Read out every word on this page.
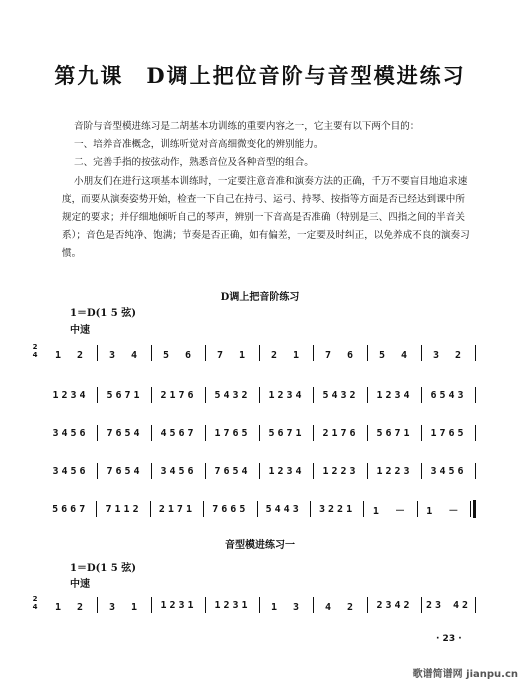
第九课　D调上把位音阶与音型模进练习
音阶与音型模进练习是二胡基本功训练的重要内容之一，它主要有以下两个目的：
一、培养音准概念，训练听觉对音高细微变化的辨别能力。
二、完善手指的按弦动作，熟悉音位及各种音型的组合。
小朋友们在进行这项基本训练时，一定要注意音准和演奏方法的正确，千万不要盲目地追求速度，而要从演奏姿势开始，检查一下自己在持弓、运弓、持琴、按指等方面是否已经达到课中所规定的要求；并仔细地倾听自己的琴声，辨别一下音高是否准确（特别是三、四指之间的半音关系）；音色是否纯净、饱满；节奏是否正确，如有偏差，一定要及时纠正，以免养成不良的演奏习惯。
D调上把音阶练习
1＝D(1 5 弦)
中速
2
4	1　2	3　4	5　6	7　1	2　1	7　6	5　4	3　2
1234	5671	2176	5432	1234	5432	1234	6543
3456	7654	4567	1765	5671	2176	5671	1765
3456	7654	3456	7654	1234	1223	1223	3456
5667	7112	2171	7665	5443	3221	1　－	1　－
音型模进练习一
1＝D(1 5 弦)
中速
2
4	1　2	3　1	1231	1231	1　3	4　2	2342	23 42
· 23 ·
歌谱简谱网 jianpu.cn
